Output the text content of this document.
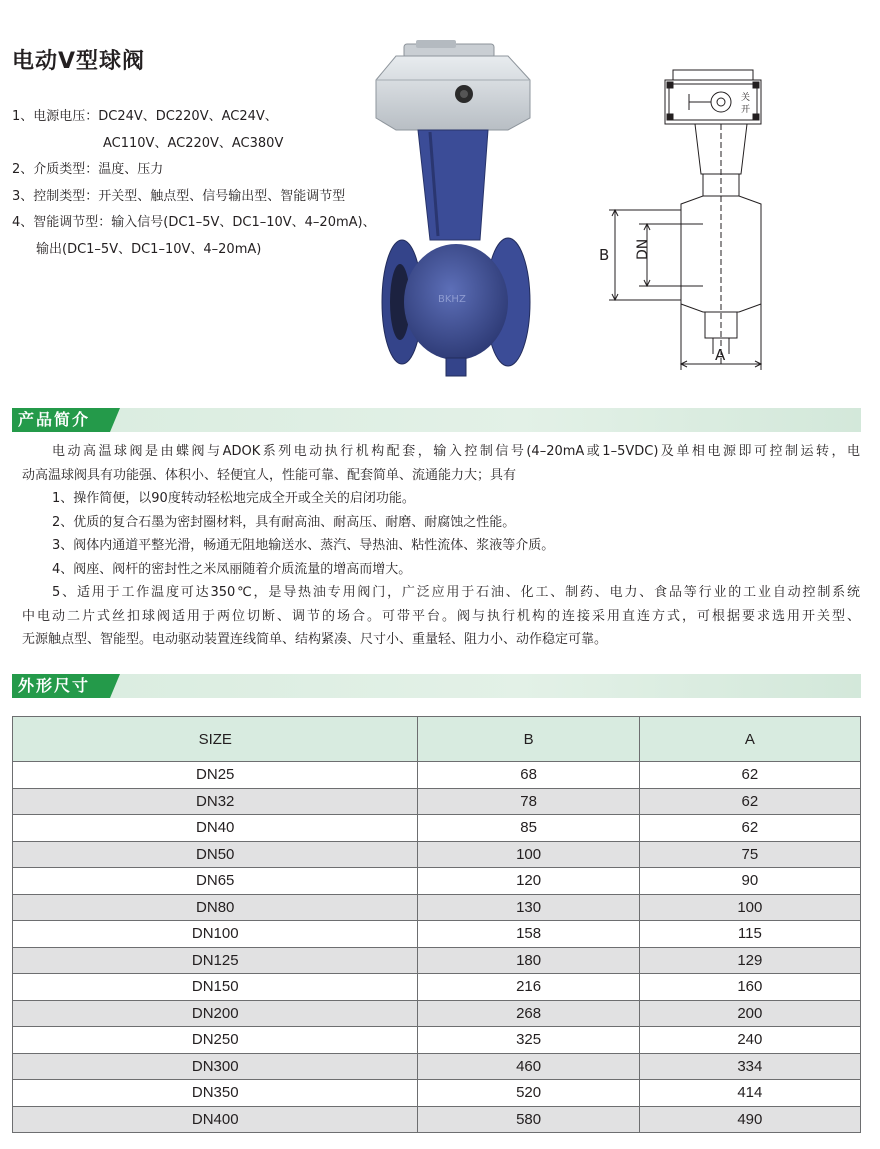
电动V型球阀
1、电源电压：DC24V、DC220V、AC24V、
AC110V、AC220V、AC380V
2、介质类型：温度、压力
3、控制类型：开关型、触点型、信号输出型、智能调节型
4、智能调节型：输入信号(DC1–5V、DC1–10V、4–20mA)、
输出(DC1–5V、DC1–10V、4–20mA)
BKHZ
关
开
B DN
A
产品简介

电动高温球阀是由蝶阀与ADOK系列电动执行机构配套，输入控制信号(4–20mA或1–5VDC)及单相电源即可控制运转，电

动高温球阀具有功能强、体积小、轻便宜人，性能可靠、配套简单、流通能力大；具有

1、操作简便，以90度转动轻松地完成全开或全关的启闭功能。

2、优质的复合石墨为密封圈材料，具有耐高油、耐高压、耐磨、耐腐蚀之性能。

3、阀体内通道平整光滑，畅通无阻地输送水、蒸汽、导热油、粘性流体、浆液等介质。

4、阀座、阀杆的密封性之米凤丽随着介质流量的增高而增大。

5、适用于工作温度可达350℃，是导热油专用阀门，广泛应用于石油、化工、制药、电力、食品等行业的工业自动控制系统

中电动二片式丝扣球阀适用于两位切断、调节的场合。可带平台。阀与执行机构的连接采用直连方式，可根据要求选用开关型、

无源触点型、智能型。电动驱动装置连线简单、结构紧凑、尺寸小、重量轻、阻力小、动作稳定可靠。

外形尺寸
SIZE	B	A
DN25	68	62
DN32	78	62
DN40	85	62
DN50	100	75
DN65	120	90
DN80	130	100
DN100	158	115
DN125	180	129
DN150	216	160
DN200	268	200
DN250	325	240
DN300	460	334
DN350	520	414
DN400	580	490
